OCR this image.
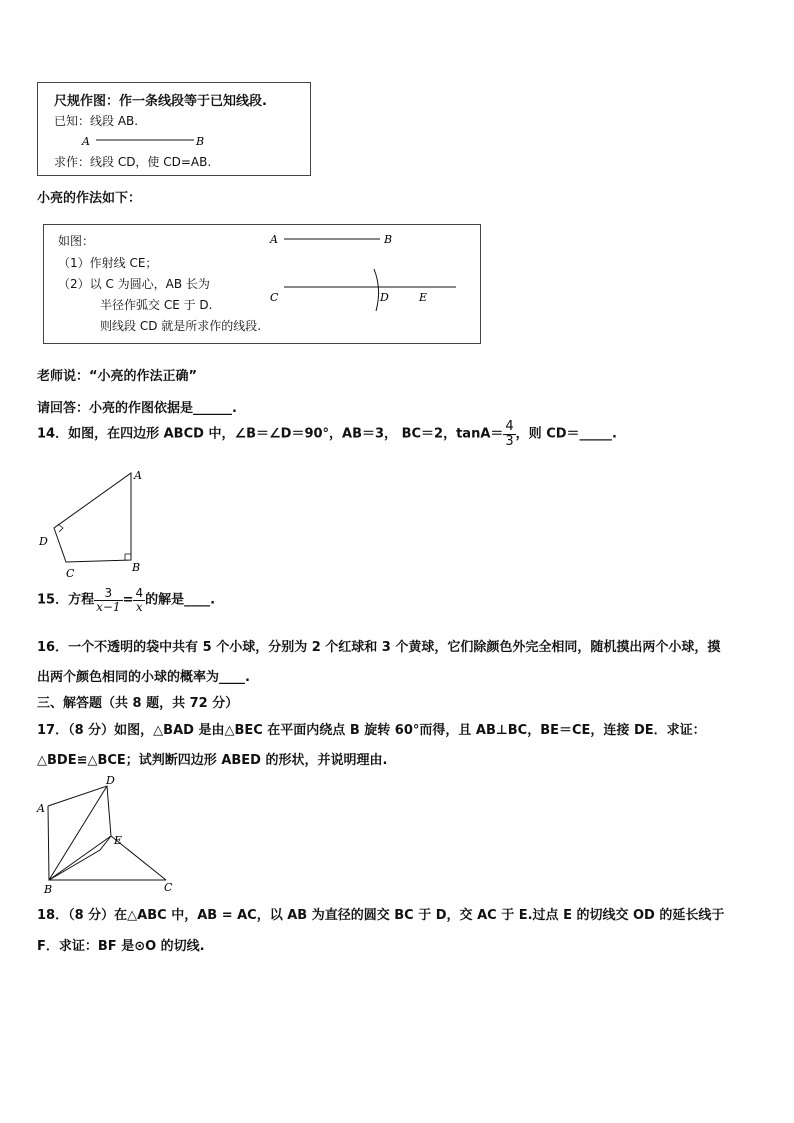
尺规作图：作一条线段等于已知线段.
已知：线段 AB.
A	B
求作：线段 CD，使 CD=AB.
小亮的作法如下：
如图：
（1）作射线 CE；
（2）以 C 为圆心，AB 长为
半径作弧交 CE 于 D.
则线段 CD 就是所求作的线段.
A	B
C	D	E
老师说：“小亮的作法正确”
请回答：小亮的作图依据是______.
14．如图，在四边形 ABCD 中，∠B＝∠D＝90°，AB＝3， BC＝2，$\tan A= \frac{4}{3}$ ，则 CD＝_____.
A
B
C
D
15．方程 $\frac{3}{x-1} = \frac{4}{x}$ 的解是____.
16．一个不透明的袋中共有 5 个小球，分别为 2 个红球和 3 个黄球，它们除颜色外完全相同，随机摸出两个小球，摸
出两个颜色相同的小球的概率为____.
三、解答题（共 8 题，共 72 分）
17．（8 分）如图，△BAD 是由△BEC 在平面内绕点 B 旋转 60°而得，且 AB⊥BC，BE＝CE，连接 DE．求证：
△BDE≌△BCE；试判断四边形 ABED 的形状，并说明理由.
A
B	C
D
E
18．（8 分）在△ABC 中，AB = AC，以 AB 为直径的圆交 BC 于 D，交 AC 于 E.过点 E 的切线交 OD 的延长线于
F．求证：BF 是⊙O 的切线.
